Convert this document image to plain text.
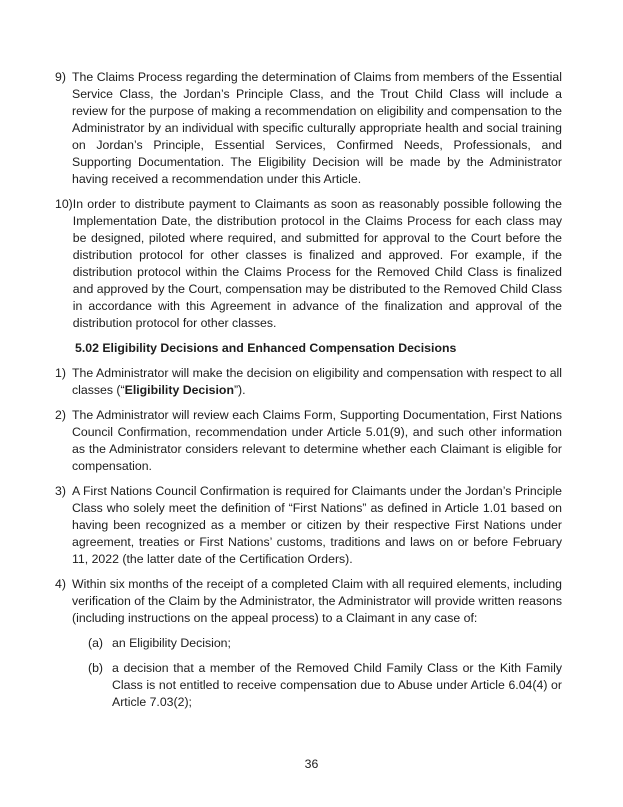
9) The Claims Process regarding the determination of Claims from members of the Essential Service Class, the Jordan’s Principle Class, and the Trout Child Class will include a review for the purpose of making a recommendation on eligibility and compensation to the Administrator by an individual with specific culturally appropriate health and social training on Jordan’s Principle, Essential Services, Confirmed Needs, Professionals, and Supporting Documentation. The Eligibility Decision will be made by the Administrator having received a recommendation under this Article.
10) In order to distribute payment to Claimants as soon as reasonably possible following the Implementation Date, the distribution protocol in the Claims Process for each class may be designed, piloted where required, and submitted for approval to the Court before the distribution protocol for other classes is finalized and approved. For example, if the distribution protocol within the Claims Process for the Removed Child Class is finalized and approved by the Court, compensation may be distributed to the Removed Child Class in accordance with this Agreement in advance of the finalization and approval of the distribution protocol for other classes.
5.02 Eligibility Decisions and Enhanced Compensation Decisions
1) The Administrator will make the decision on eligibility and compensation with respect to all classes (“Eligibility Decision”).
2) The Administrator will review each Claims Form, Supporting Documentation, First Nations Council Confirmation, recommendation under Article 5.01(9), and such other information as the Administrator considers relevant to determine whether each Claimant is eligible for compensation.
3) A First Nations Council Confirmation is required for Claimants under the Jordan’s Principle Class who solely meet the definition of “First Nations” as defined in Article 1.01 based on having been recognized as a member or citizen by their respective First Nations under agreement, treaties or First Nations’ customs, traditions and laws on or before February 11, 2022 (the latter date of the Certification Orders).
4) Within six months of the receipt of a completed Claim with all required elements, including verification of the Claim by the Administrator, the Administrator will provide written reasons (including instructions on the appeal process) to a Claimant in any case of:
(a) an Eligibility Decision;
(b) a decision that a member of the Removed Child Family Class or the Kith Family Class is not entitled to receive compensation due to Abuse under Article 6.04(4) or Article 7.03(2);
36
